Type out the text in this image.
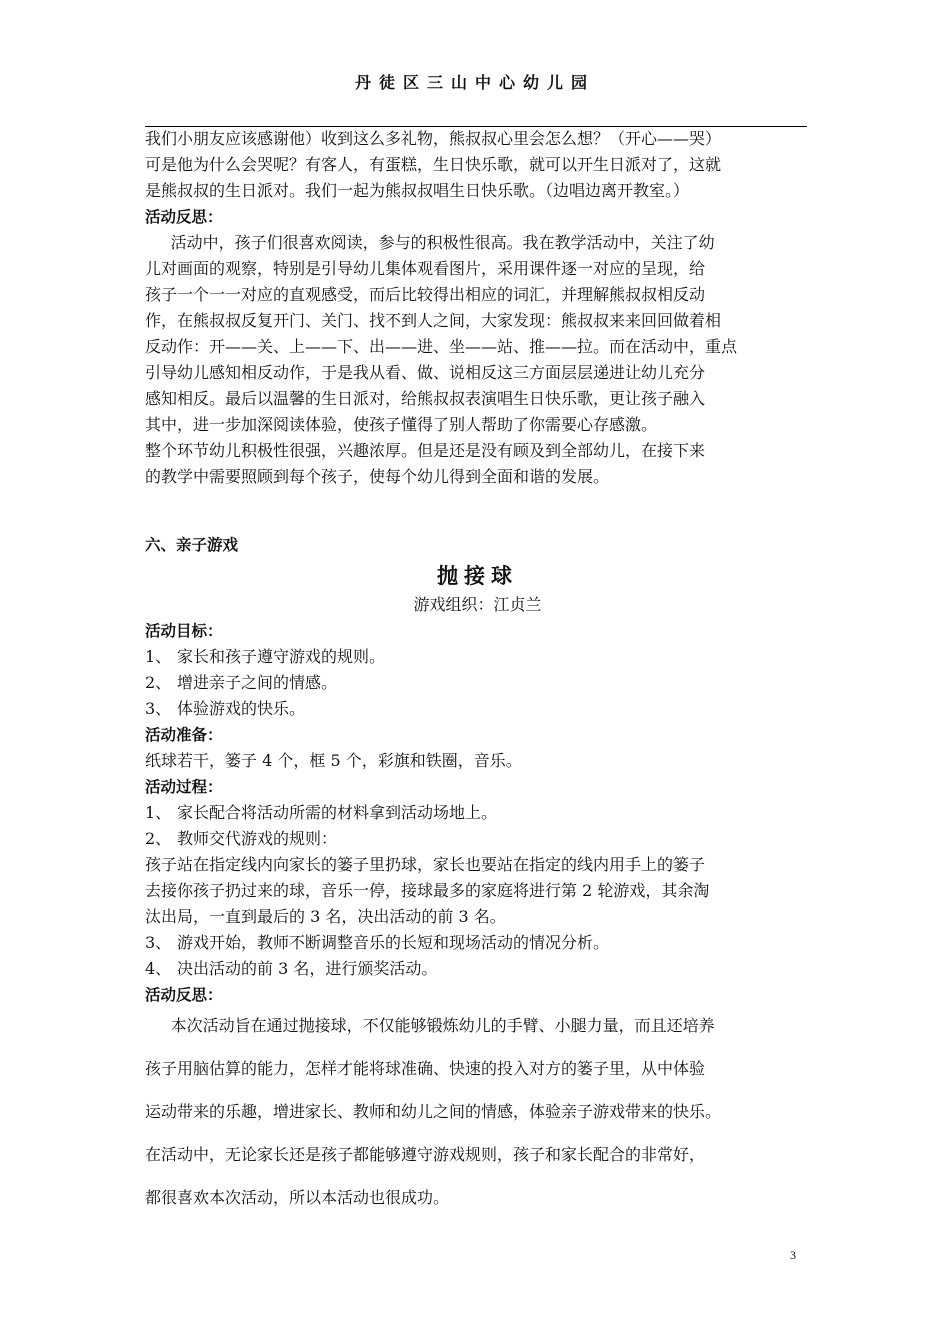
丹徒区三山中心幼儿园

我们小朋友应该感谢他）收到这么多礼物，熊叔叔心里会怎么想？（开心——哭）

可是他为什么会哭呢？有客人，有蛋糕，生日快乐歌，就可以开生日派对了，这就

是熊叔叔的生日派对。我们一起为熊叔叔唱生日快乐歌。（边唱边离开教室。）

活动反思：

活动中，孩子们很喜欢阅读，参与的积极性很高。我在教学活动中，关注了幼

儿对画面的观察，特别是引导幼儿集体观看图片，采用课件逐一对应的呈现，给

孩子一个一一对应的直观感受，而后比较得出相应的词汇，并理解熊叔叔相反动

作，在熊叔叔反复开门、关门、找不到人之间，大家发现：熊叔叔来来回回做着相

反动作：开——关、上——下、出——进、坐——站、推——拉。而在活动中，重点

引导幼儿感知相反动作，于是我从看、做、说相反这三方面层层递进让幼儿充分

感知相反。最后以温馨的生日派对，给熊叔叔表演唱生日快乐歌，更让孩子融入

其中，进一步加深阅读体验，使孩子懂得了别人帮助了你需要心存感激。

整个环节幼儿积极性很强，兴趣浓厚。但是还是没有顾及到全部幼儿，在接下来

的教学中需要照顾到每个孩子，使每个幼儿得到全面和谐的发展。

六、亲子游戏

抛接球

游戏组织：江贞兰

活动目标：

1、 家长和孩子遵守游戏的规则。

2、 增进亲子之间的情感。

3、 体验游戏的快乐。

活动准备：

纸球若干，篓子 4 个，框 5 个，彩旗和铁圈，音乐。

活动过程：

1、 家长配合将活动所需的材料拿到活动场地上。

2、 教师交代游戏的规则：

孩子站在指定线内向家长的篓子里扔球，家长也要站在指定的线内用手上的篓子

去接你孩子扔过来的球，音乐一停，接球最多的家庭将进行第 2 轮游戏，其余淘

汰出局，一直到最后的 3 名，决出活动的前 3 名。

3、 游戏开始，教师不断调整音乐的长短和现场活动的情况分析。

4、 决出活动的前 3 名，进行颁奖活动。

活动反思：

本次活动旨在通过抛接球，不仅能够锻炼幼儿的手臂、小腿力量，而且还培养

孩子用脑估算的能力，怎样才能将球准确、快速的投入对方的篓子里，从中体验

运动带来的乐趣，增进家长、教师和幼儿之间的情感，体验亲子游戏带来的快乐。

在活动中，无论家长还是孩子都能够遵守游戏规则，孩子和家长配合的非常好，

都很喜欢本次活动，所以本活动也很成功。

3
